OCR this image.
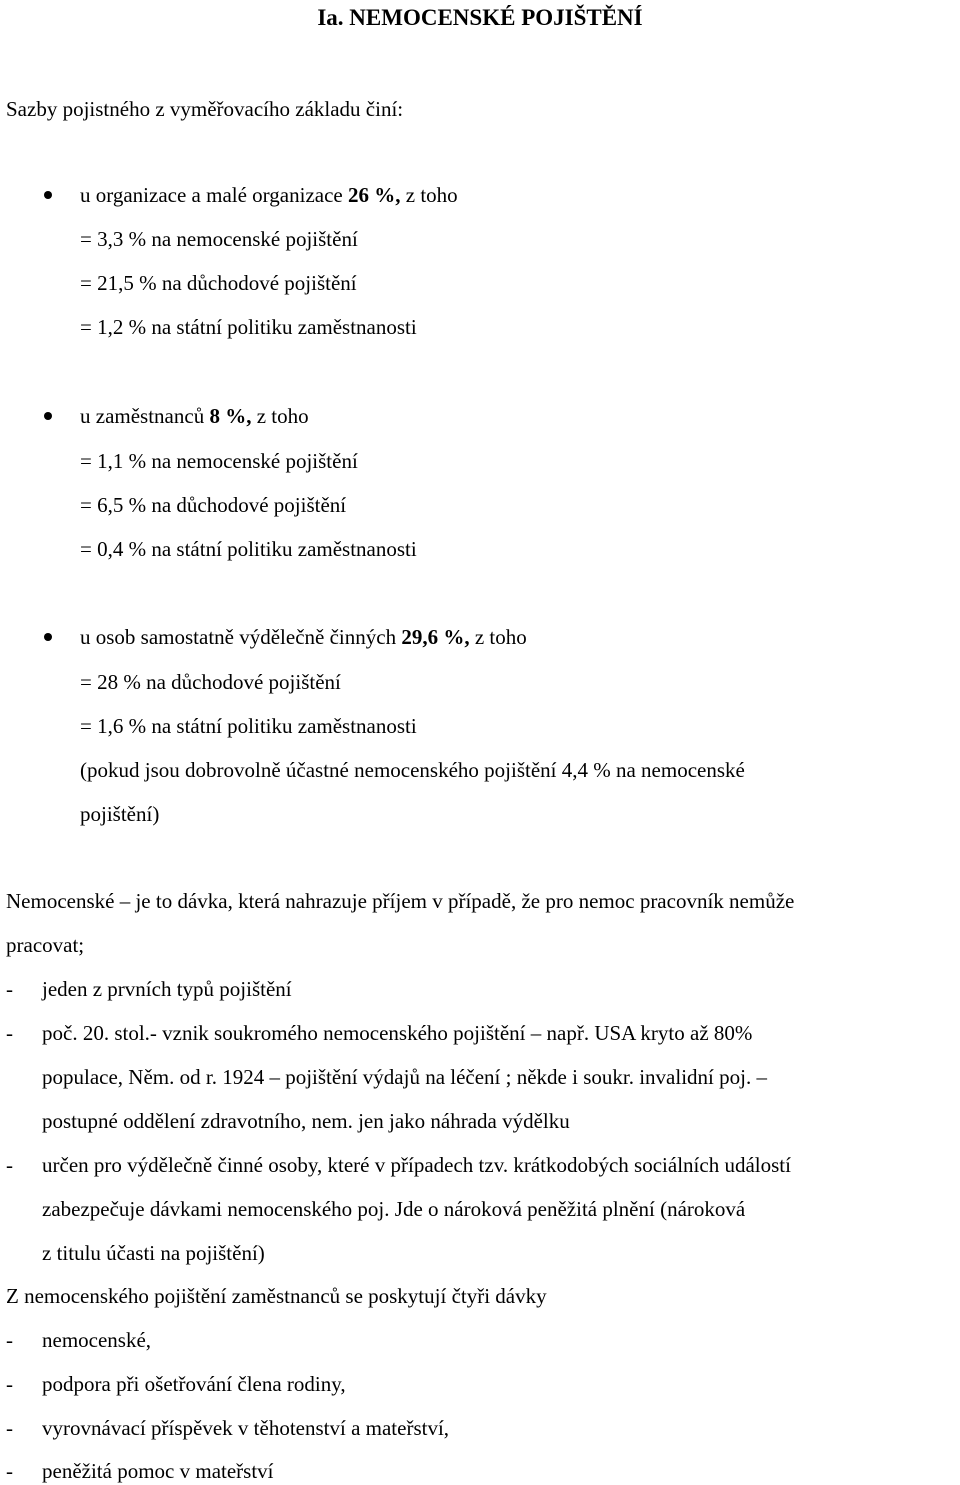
Ia. NEMOCENSKÉ POJIŠTĚNÍ
Sazby pojistného z vyměřovacího základu činí:
u organizace a malé organizace 26 %, z toho
= 3,3 % na nemocenské pojištění
= 21,5 % na důchodové pojištění
= 1,2 % na státní politiku zaměstnanosti
u zaměstnanců 8 %, z toho
= 1,1 % na nemocenské pojištění
= 6,5 % na důchodové pojištění
= 0,4 % na státní politiku zaměstnanosti
u osob samostatně výdělečně činných 29,6 %, z toho
= 28 % na důchodové pojištění
= 1,6 % na státní politiku zaměstnanosti
(pokud jsou dobrovolně účastné nemocenského pojištění 4,4 % na nemocenské
pojištění)
Nemocenské – je to dávka, která nahrazuje příjem v případě, že pro nemoc pracovník nemůže
pracovat;
- jeden z prvních typů pojištění
- poč. 20. stol.- vznik soukromého nemocenského pojištění – např. USA kryto až 80%
populace, Něm. od r. 1924 – pojištění výdajů na léčení ; někde i soukr. invalidní poj. –
postupné oddělení zdravotního, nem. jen jako náhrada výdělku
- určen pro výdělečně činné osoby, které v případech tzv. krátkodobých sociálních událostí
zabezpečuje dávkami nemocenského poj. Jde o nároková peněžitá plnění (nároková
z titulu účasti na pojištění)
Z nemocenského pojištění zaměstnanců se poskytují čtyři dávky
- nemocenské,
- podpora při ošetřování člena rodiny,
- vyrovnávací příspěvek v těhotenství a mateřství,
- peněžitá pomoc v mateřství
